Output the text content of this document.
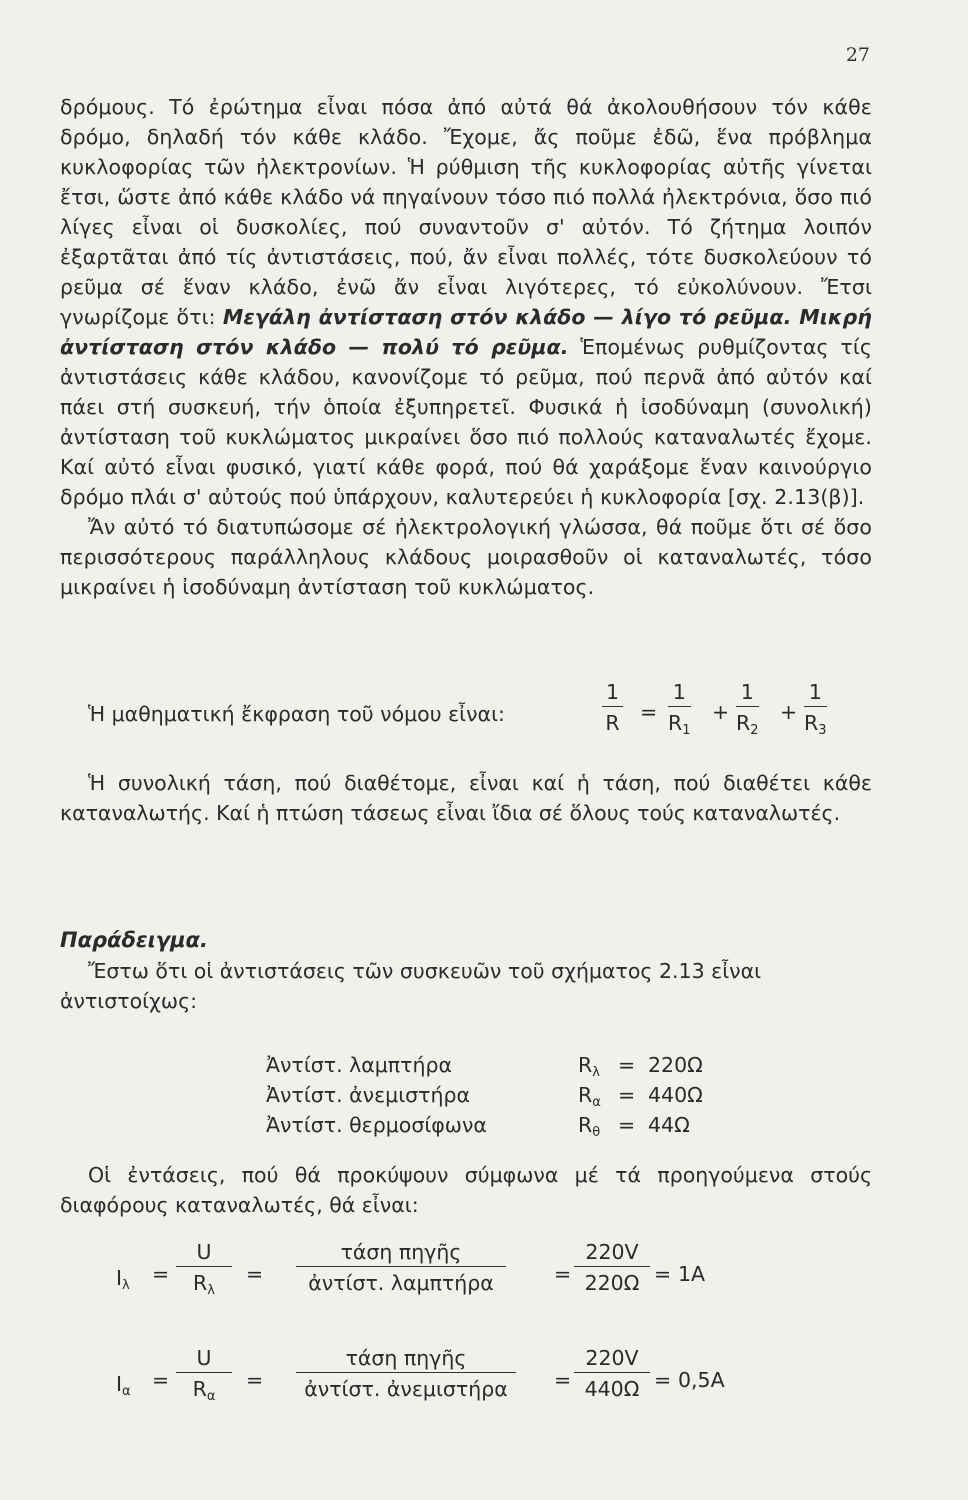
27

δρόμους. Τό ἐρώτημα εἶναι πόσα ἀπό αὐτά θά ἀκολουθήσουν τόν κάθε δρόμο, δηλαδή τόν κάθε κλάδο. Ἔχομε, ἄς ποῦμε ἐδῶ, ἕνα πρόβλημα κυκλοφορίας τῶν ἠλεκτρονίων. Ἡ ρύθμιση τῆς κυκλοφορίας αὐτῆς γίνεται ἔτσι, ὥστε ἀπό κάθε κλάδο νά πηγαίνουν τόσο πιό πολλά ἠλεκτρόνια, ὅσο πιό λίγες εἶναι οἱ δυσκολίες, πού συναντοῦν σ' αὐτόν. Τό ζήτημα λοιπόν ἐξαρτᾶται ἀπό τίς ἀντιστάσεις, πού, ἄν εἶναι πολλές, τότε δυσκολεύουν τό ρεῦμα σέ ἕναν κλάδο, ἐνῶ ἄν εἶναι λιγότερες, τό εὐκολύνουν. Ἔτσι γνωρίζομε ὅτι: Μεγάλη ἀντίσταση στόν κλάδο — λίγο τό ρεῦμα. Μικρή ἀντίσταση στόν κλάδο — πολύ τό ρεῦμα. Ἑπομένως ρυθμίζοντας τίς ἀντιστάσεις κάθε κλάδου, κανονίζομε τό ρεῦμα, πού περνᾶ ἀπό αὐτόν καί πάει στή συσκευή, τήν ὁποία ἐξυπηρετεῖ. Φυσικά ἡ ἰσοδύναμη (συνολική) ἀντίσταση τοῦ κυκλώματος μικραίνει ὅσο πιό πολλούς καταναλωτές ἔχομε. Καί αὐτό εἶναι φυσικό, γιατί κάθε φορά, πού θά χαράξομε ἕναν καινούργιο δρόμο πλάι σ' αὐτούς πού ὑπάρχουν, καλυτερεύει ἡ κυκλοφορία [σχ. 2.13(β)].

Ἄν αὐτό τό διατυπώσομε σέ ἠλεκτρολογική γλώσσα, θά ποῦμε ὅτι σέ ὅσο περισσότερους παράλληλους κλάδους μοιρασθοῦν οἱ καταναλωτές, τόσο μικραίνει ἡ ἰσοδύναμη ἀντίσταση τοῦ κυκλώματος.

Ἡ μαθηματική ἔκφραση τοῦ νόμου εἶναι:	$\frac{1}{R} = \frac{1}{R_1} + \frac{1}{R_2} + \frac{1}{R_3}$

Ἡ συνολική τάση, πού διαθέτομε, εἶναι καί ἡ τάση, πού διαθέτει κάθε καταναλωτής. Καί ἡ πτώση τάσεως εἶναι ἴδια σέ ὅλους τούς καταναλωτές.

Παράδειγμα.

Ἔστω ὅτι οἱ ἀντιστάσεις τῶν συσκευῶν τοῦ σχήματος 2.13 εἶναι ἀντιστοίχως:

Ἀντίστ. λαμπτήρα	$R_\lambda = 220\Omega$
Ἀντίστ. ἀνεμιστήρα	$R_\alpha = 440\Omega$
Ἀντίστ. θερμοσίφωνα	$R_\theta = 44\Omega$

Οἱ ἐντάσεις, πού θά προκύψουν σύμφωνα μέ τά προηγούμενα στούς διαφόρους καταναλωτές, θά εἶναι:

$I_\lambda = \frac{U}{R_\lambda}$ =
τάση πηγῆς
ἀντίστ. λαμπτήρα	= $\frac{220V}{220\Omega} = 1A$
$I_\alpha = \frac{U}{R_\alpha}$ =
τάση πηγῆς
ἀντίστ. ἀνεμιστήρα	= $\frac{220V}{440\Omega} = 0,5A$
